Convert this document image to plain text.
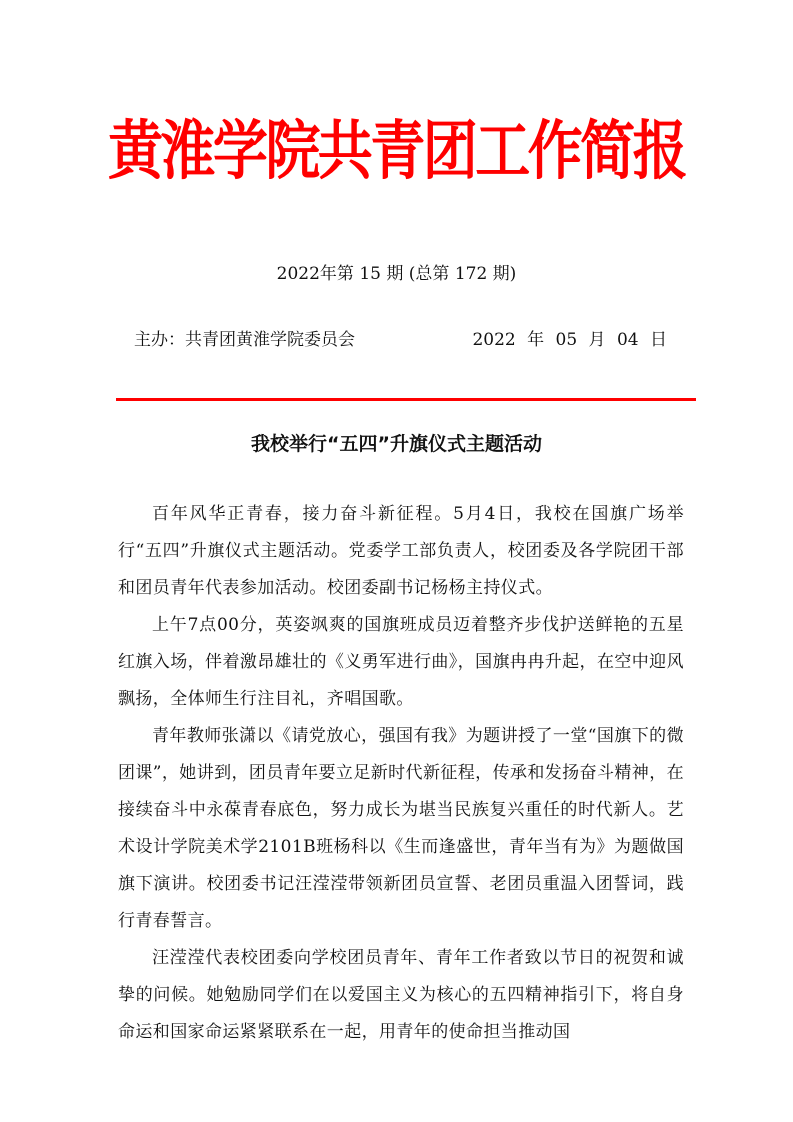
黄淮学院共青团工作简报
2022年第 15 期 (总第 172 期)
主办：共青团黄淮学院委员会	2022 年 05 月 04 日
我校举行“五四”升旗仪式主题活动

百年风华正青春，接力奋斗新征程。5月4日，我校在国旗广场举行“五四”升旗仪式主题活动。党委学工部负责人，校团委及各学院团干部和团员青年代表参加活动。校团委副书记杨杨主持仪式。

上午7点00分，英姿飒爽的国旗班成员迈着整齐步伐护送鲜艳的五星红旗入场，伴着激昂雄壮的《义勇军进行曲》，国旗冉冉升起，在空中迎风飘扬，全体师生行注目礼，齐唱国歌。

青年教师张潇以《请党放心，强国有我》为题讲授了一堂“国旗下的微团课”，她讲到，团员青年要立足新时代新征程，传承和发扬奋斗精神，在接续奋斗中永葆青春底色，努力成长为堪当民族复兴重任的时代新人。艺术设计学院美术学2101B班杨科以《生而逢盛世，青年当有为》为题做国旗下演讲。校团委书记汪滢滢带领新团员宣誓、老团员重温入团誓词，践行青春誓言。

汪滢滢代表校团委向学校团员青年、青年工作者致以节日的祝贺和诚挚的问候。她勉励同学们在以爱国主义为核心的五四精神指引下，将自身命运和国家命运紧紧联系在一起，用青年的使命担当推动国
